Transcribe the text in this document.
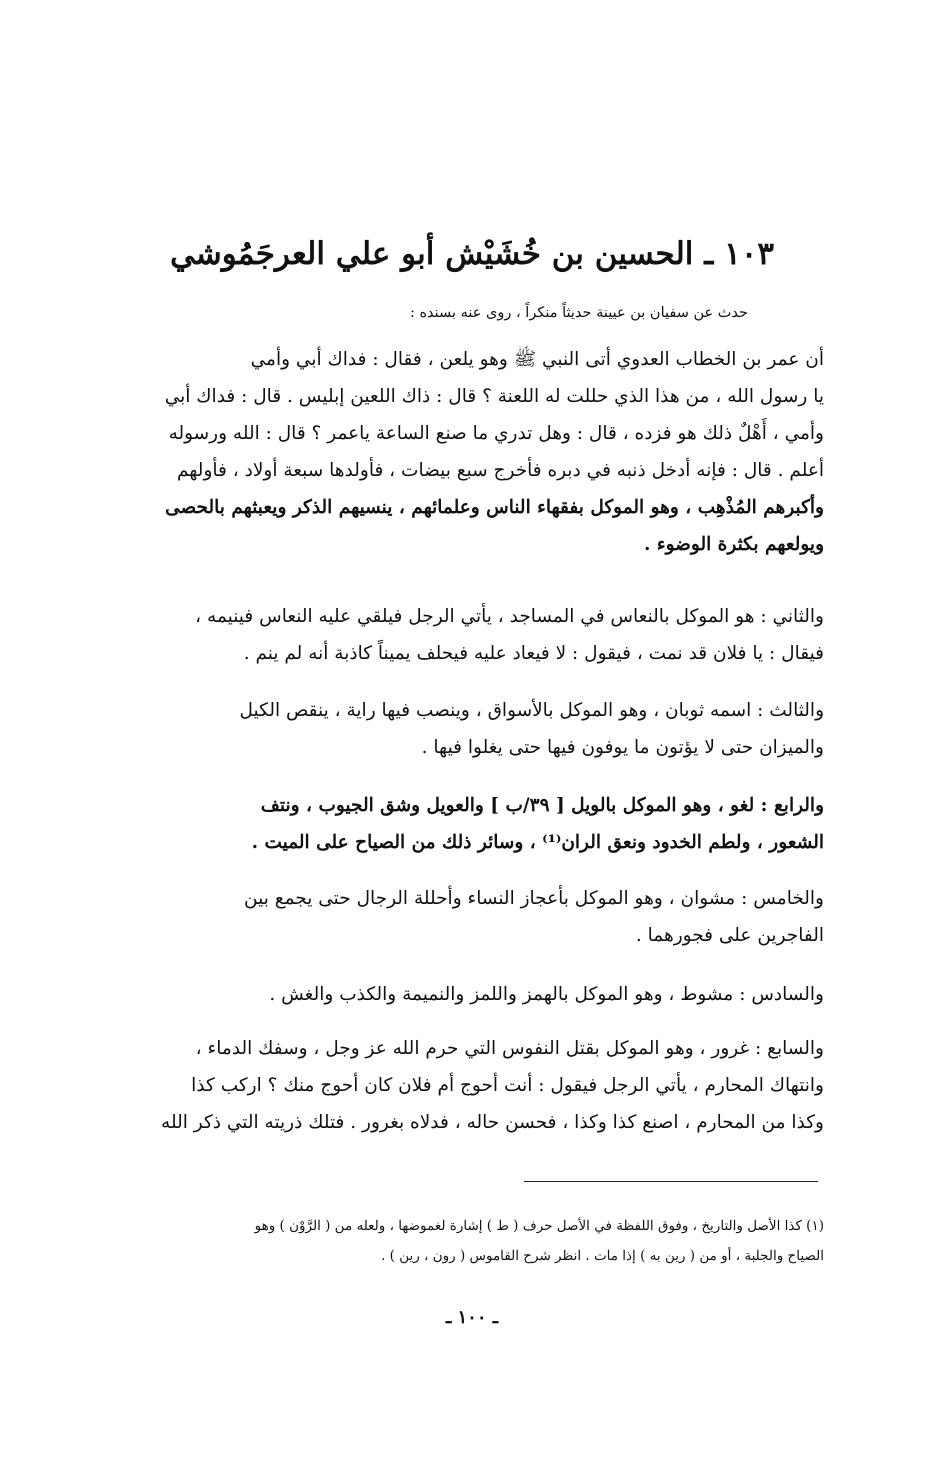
١٠٣ ـ الحسين بن خُشَيْش أبو علي العرجَمُوشي
حدث عن سفيان بن عيينة حديثاً منكراً ، روى عنه بسنده :
أن عمر بن الخطاب العدوي أتى النبي ﷺ وهو يلعن ، فقال : فداك أبي وأمي
يا رسول الله ، من هذا الذي حللت له اللعنة ؟ قال : ذاك اللعين إبليس . قال : فداك أبي
وأمي ، أَهْلٌ ذلك هو فزده ، قال : وهل تدري ما صنع الساعة ياعمر ؟ قال : الله ورسوله
أعلم . قال : فإنه أدخل ذنبه في دبره فأخرج سبع بيضات ، فأولدها سبعة أولاد ، فأولهم
وأكبرهم المُذْهِب ، وهو الموكل بفقهاء الناس وعلمائهم ، ينسيهم الذكر ويعبثهم بالحصى
ويولعهم بكثرة الوضوء .
والثاني : هو الموكل بالنعاس في المساجد ، يأتي الرجل فيلقي عليه النعاس فينيمه ،
فيقال : يا فلان قد نمت ، فيقول : لا فيعاد عليه فيحلف يميناً كاذبة أنه لم ينم .
والثالث : اسمه ثوبان ، وهو الموكل بالأسواق ، وينصب فيها راية ، ينقص الكيل
والميزان حتى لا يؤتون ما يوفون فيها حتى يغلوا فيها .
والرابع : لغو ، وهو الموكل بالويل [ ٣٩/ب ] والعويل وشق الجيوب ، ونتف
الشعور ، ولطم الخدود ونعق الران⁽¹⁾ ، وسائر ذلك من الصياح على الميت .
والخامس : مشوان ، وهو الموكل بأعجاز النساء وأحللة الرجال حتى يجمع بين
الفاجرين على فجورهما .
والسادس : مشوط ، وهو الموكل بالهمز واللمز والنميمة والكذب والغش .
والسابع : غرور ، وهو الموكل بقتل النفوس التي حرم الله عز وجل ، وسفك الدماء ،
وانتهاك المحارم ، يأتي الرجل فيقول : أنت أحوج أم فلان كان أحوج منك ؟ اركب كذا
وكذا من المحارم ، اصنع كذا وكذا ، فحسن حاله ، فدلاه بغرور . فتلك ذريته التي ذكر الله
(١) كذا الأصل والتاريخ ، وفوق اللفظة في الأصل حرف ( ط ) إشارة لغموضها ، ولعله من ( الرَّوْن ) وهو
الصياح والجلبة ، أو من ( رين به ) إذا مات . انظر شرح القاموس ( رون ، رين ) .
ـ ١٠٠ ـ
